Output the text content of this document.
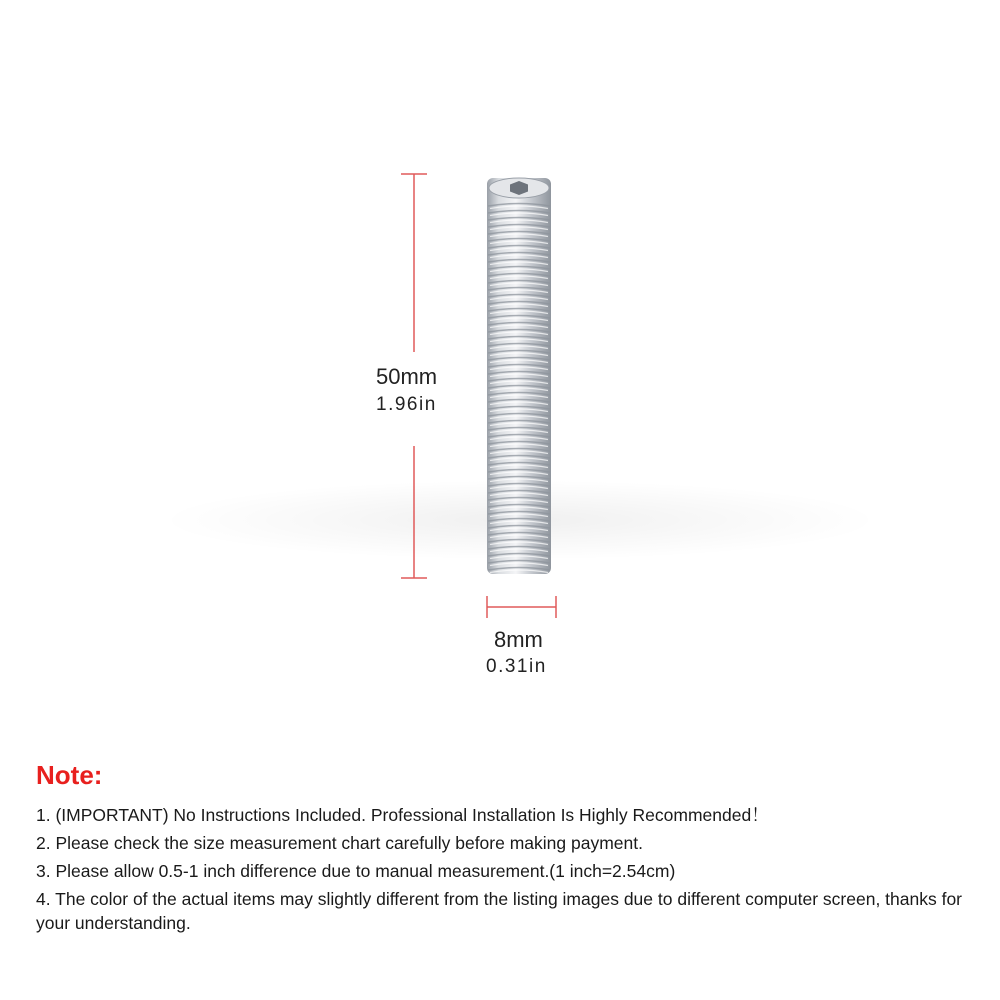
50mm
1.96in
8mm
0.31in
Note:
1. (IMPORTANT) No Instructions Included. Professional Installation Is Highly Recommended！
2. Please check the size measurement chart carefully before making payment.
3. Please allow 0.5-1 inch difference due to manual measurement.(1 inch=2.54cm)
4. The color of the actual items may slightly different from the listing images due to different computer screen, thanks for your understanding.
